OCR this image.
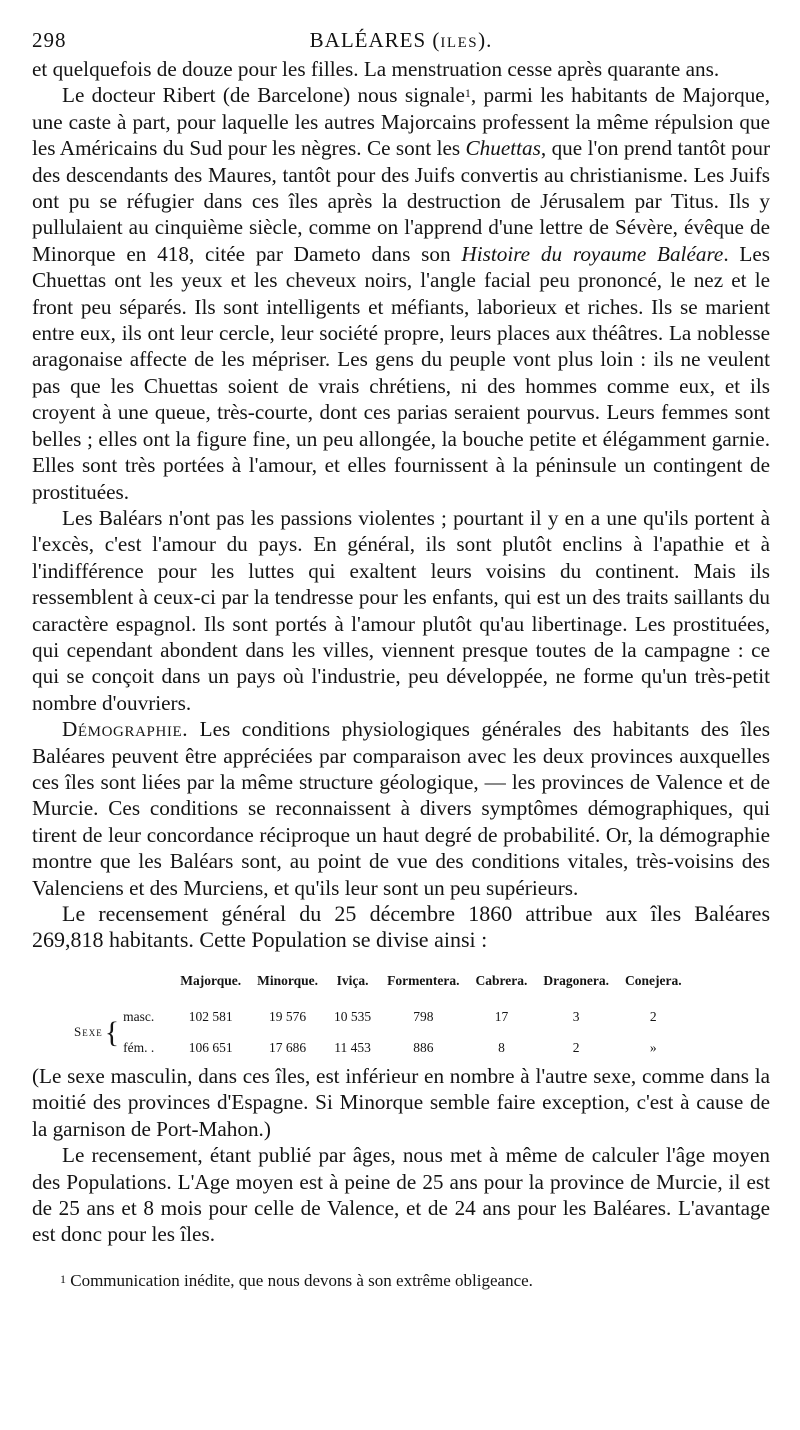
298	BALÉARES (ILES).

et quelquefois de douze pour les filles. La menstruation cesse après quarante ans.

Le docteur Ribert (de Barcelone) nous signale$^1$, parmi les habitants de Majorque, une caste à part, pour laquelle les autres Majorcains professent la même répulsion que les Américains du Sud pour les nègres. Ce sont les Chuettas, que l'on prend tantôt pour des descendants des Maures, tantôt pour des Juifs convertis au christianisme. Les Juifs ont pu se réfugier dans ces îles après la destruction de Jérusalem par Titus. Ils y pullulaient au cinquième siècle, comme on l'apprend d'une lettre de Sévère, évêque de Minorque en 418, citée par Dameto dans son Histoire du royaume Baléare. Les Chuettas ont les yeux et les cheveux noirs, l'angle facial peu prononcé, le nez et le front peu séparés. Ils sont intelligents et méfiants, laborieux et riches. Ils se marient entre eux, ils ont leur cercle, leur société propre, leurs places aux théâtres. La noblesse aragonaise affecte de les mépriser. Les gens du peuple vont plus loin : ils ne veulent pas que les Chuettas soient de vrais chrétiens, ni des hommes comme eux, et ils croyent à une queue, très-courte, dont ces parias seraient pourvus. Leurs femmes sont belles ; elles ont la figure fine, un peu allongée, la bouche petite et élégamment garnie. Elles sont très portées à l'amour, et elles fournissent à la péninsule un contingent de prostituées.

Les Baléars n'ont pas les passions violentes ; pourtant il y en a une qu'ils portent à l'excès, c'est l'amour du pays. En général, ils sont plutôt enclins à l'apathie et à l'indifférence pour les luttes qui exaltent leurs voisins du continent. Mais ils ressemblent à ceux-ci par la tendresse pour les enfants, qui est un des traits saillants du caractère espagnol. Ils sont portés à l'amour plutôt qu'au libertinage. Les prostituées, qui cependant abondent dans les villes, viennent presque toutes de la campagne : ce qui se conçoit dans un pays où l'industrie, peu développée, ne forme qu'un très-petit nombre d'ouvriers.

Démographie. Les conditions physiologiques générales des habitants des îles Baléares peuvent être appréciées par comparaison avec les deux provinces auxquelles ces îles sont liées par la même structure géologique, — les provinces de Valence et de Murcie. Ces conditions se reconnaissent à divers symptômes démographiques, qui tirent de leur concordance réciproque un haut degré de probabilité. Or, la démographie montre que les Baléars sont, au point de vue des conditions vitales, très-voisins des Valenciens et des Murciens, et qu'ils leur sont un peu supérieurs.

Le recensement général du 25 décembre 1860 attribue aux îles Baléares 269,818 habitants. Cette Population se divise ainsi :

			Majorque.	Minorque.	Iviça.	Formentera.	Cabrera.	Dragonera.	Conejera.
Sexe	{	masc.	102 581	19 576	10 535	798	17	3	2
		fém. .	106 651	17 686	11 453	886	8	2	»

(Le sexe masculin, dans ces îles, est inférieur en nombre à l'autre sexe, comme dans la moitié des provinces d'Espagne. Si Minorque semble faire exception, c'est à cause de la garnison de Port-Mahon.)

Le recensement, étant publié par âges, nous met à même de calculer l'âge moyen des Populations. L'Age moyen est à peine de 25 ans pour la province de Murcie, il est de 25 ans et 8 mois pour celle de Valence, et de 24 ans pour les Baléares. L'avantage est donc pour les îles.

$^1$ Communication inédite, que nous devons à son extrême obligeance.
